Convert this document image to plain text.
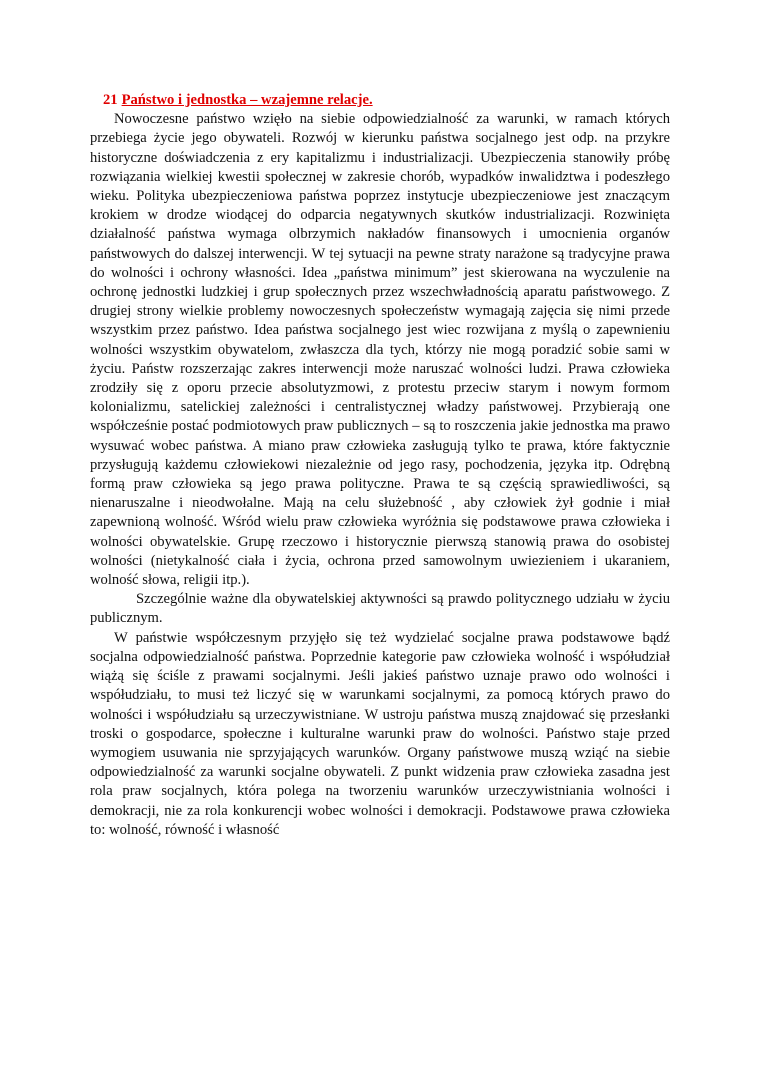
21 Państwo i jednostka – wzajemne relacje.

Nowoczesne państwo wzięło na siebie odpowiedzialność za warunki, w ramach których przebiega życie jego obywateli. Rozwój w kierunku państwa socjalnego jest odp. na przykre historyczne doświadczenia z ery kapitalizmu i industrializacji. Ubezpieczenia stanowiły próbę rozwiązania wielkiej kwestii społecznej w zakresie chorób, wypadków inwalidztwa i podeszłego wieku. Polityka ubezpieczeniowa państwa poprzez instytucje ubezpieczeniowe jest znaczącym krokiem w drodze wiodącej do odparcia negatywnych skutków industrializacji. Rozwinięta działalność państwa wymaga olbrzymich nakładów finansowych i umocnienia organów państwowych do dalszej interwencji. W tej sytuacji na pewne straty narażone są tradycyjne prawa do wolności i ochrony własności. Idea „państwa minimum” jest skierowana na wyczulenie na ochronę jednostki ludzkiej i grup społecznych przez wszechwładnością aparatu państwowego. Z drugiej strony wielkie problemy nowoczesnych społeczeństw wymagają zajęcia się nimi przede wszystkim przez państwo. Idea państwa socjalnego jest wiec rozwijana z myślą o zapewnieniu wolności wszystkim obywatelom, zwłaszcza dla tych, którzy nie mogą poradzić sobie sami w życiu. Państw rozszerzając zakres interwencji może naruszać wolności ludzi. Prawa człowieka zrodziły się z oporu przecie absolutyzmowi, z protestu przeciw starym i nowym formom kolonializmu, satelickiej zależności i centralistycznej władzy państwowej. Przybierają one współcześnie postać podmiotowych praw publicznych – są to roszczenia jakie jednostka ma prawo wysuwać wobec państwa. A miano praw człowieka zasługują tylko te prawa, które faktycznie przysługują każdemu człowiekowi niezależnie od jego rasy, pochodzenia, języka itp. Odrębną formą praw człowieka są jego prawa polityczne. Prawa te są częścią sprawiedliwości, są nienaruszalne i nieodwołalne. Mają na celu służebność , aby człowiek żył godnie i miał zapewnioną wolność. Wśród wielu praw człowieka wyróżnia się podstawowe prawa człowieka i wolności obywatelskie. Grupę rzeczowo i historycznie pierwszą stanowią prawa do osobistej wolności (nietykalność ciała i życia, ochrona przed samowolnym uwiezieniem i ukaraniem, wolność słowa, religii itp.).

Szczególnie ważne dla obywatelskiej aktywności są prawdo politycznego udziału w życiu publicznym.

W państwie współczesnym przyjęło się też wydzielać socjalne prawa podstawowe bądź socjalna odpowiedzialność państwa. Poprzednie kategorie paw człowieka wolność i współudział wiążą się ściśle z prawami socjalnymi. Jeśli jakieś państwo uznaje prawo odo wolności i współudziału, to musi też liczyć się w warunkami socjalnymi, za pomocą których prawo do wolności i współudziału są urzeczywistniane. W ustroju państwa muszą znajdować się przesłanki troski o gospodarce, społeczne i kulturalne warunki praw do wolności. Państwo staje przed wymogiem usuwania nie sprzyjających warunków. Organy państwowe muszą wziąć na siebie odpowiedzialność za warunki socjalne obywateli. Z punkt widzenia praw człowieka zasadna jest rola praw socjalnych, która polega na tworzeniu warunków urzeczywistniania wolności i demokracji, nie za rola konkurencji wobec wolności i demokracji. Podstawowe prawa człowieka to: wolność, równość i własność
